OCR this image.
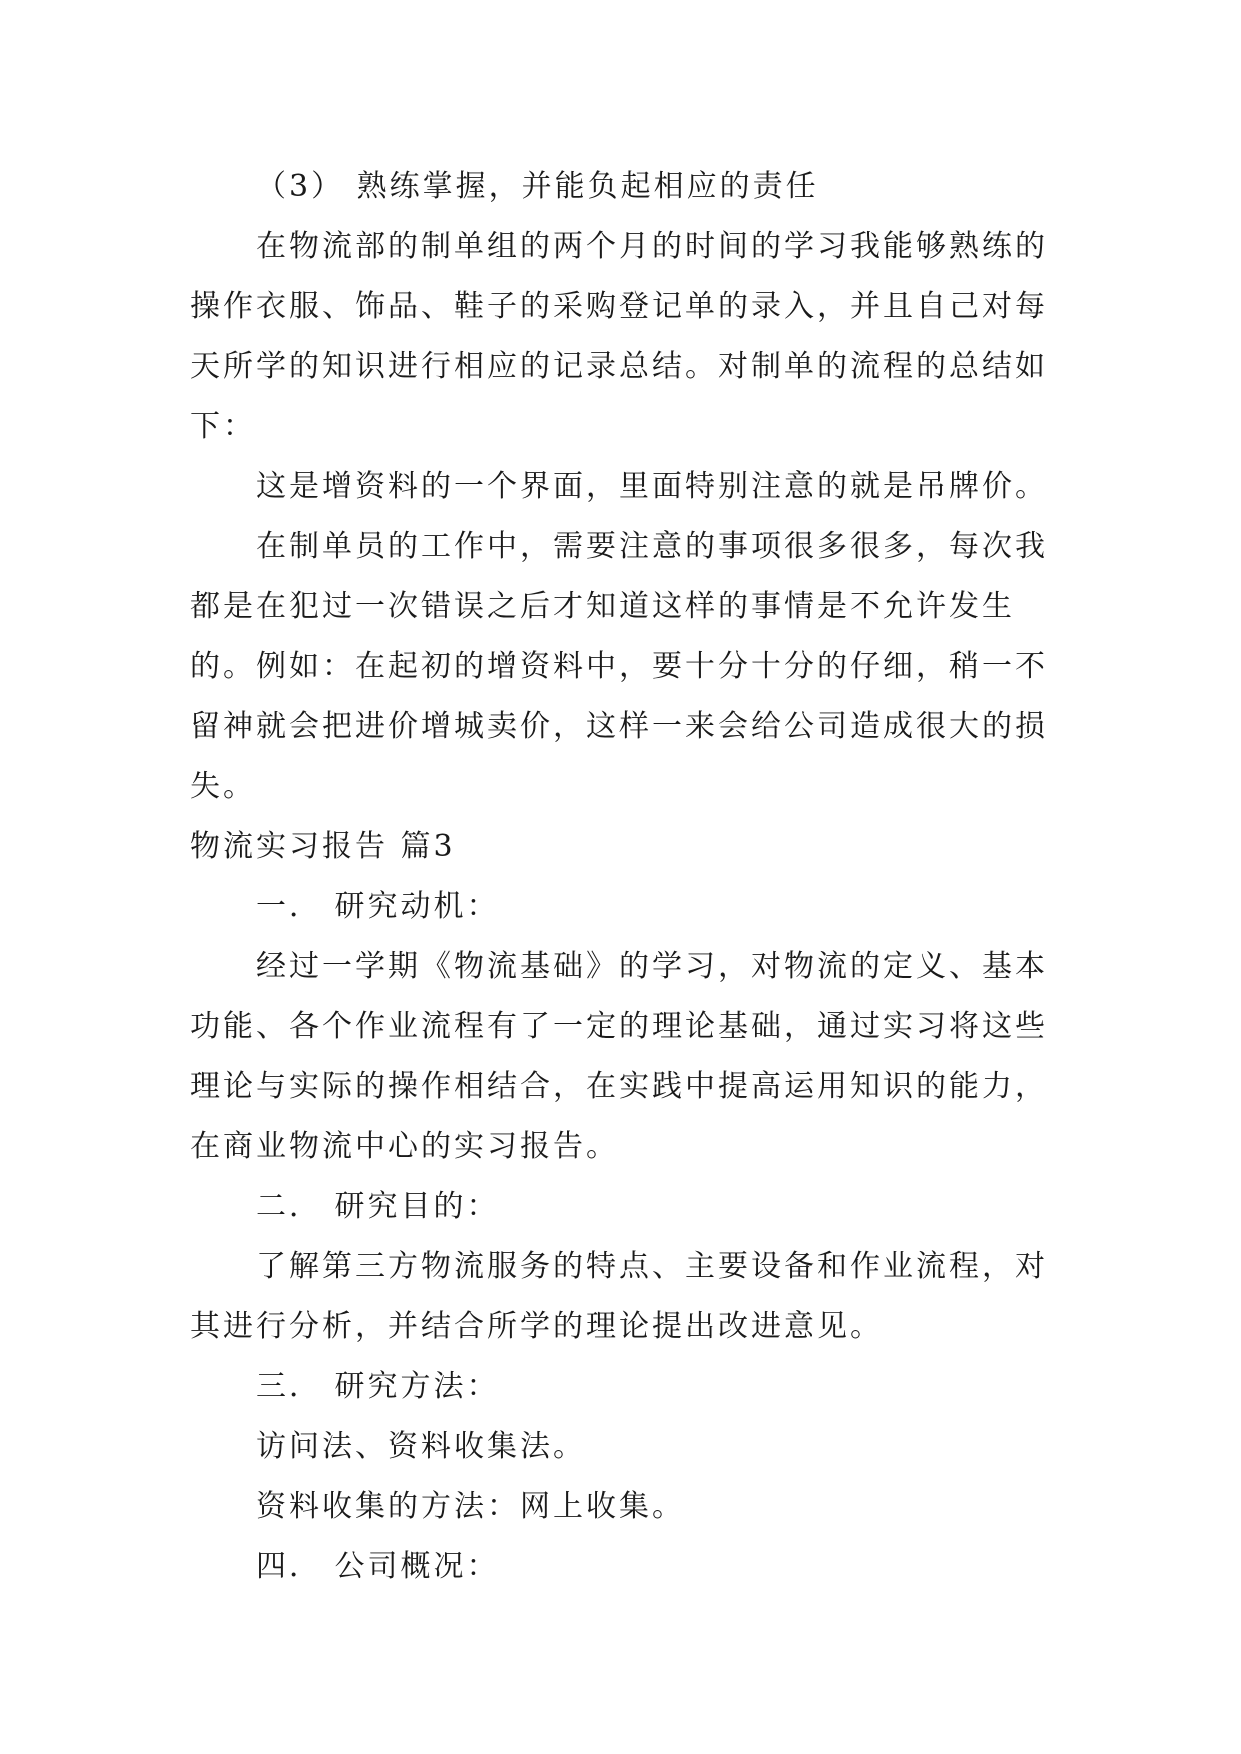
（3） 熟练掌握，并能负起相应的责任

在物流部的制单组的两个月的时间的学习我能够熟练的操作衣服、饰品、鞋子的采购登记单的录入，并且自己对每天所学的知识进行相应的记录总结。对制单的流程的总结如下：

这是增资料的一个界面，里面特别注意的就是吊牌价。

在制单员的工作中，需要注意的事项很多很多，每次我都是在犯过一次错误之后才知道这样的事情是不允许发生的。例如：在起初的增资料中，要十分十分的仔细，稍一不留神就会把进价增城卖价，这样一来会给公司造成很大的损失。

物流实习报告 篇3

一． 研究动机：

经过一学期《物流基础》的学习，对物流的定义、基本功能、各个作业流程有了一定的理论基础，通过实习将这些理论与实际的操作相结合，在实践中提高运用知识的能力，在商业物流中心的实习报告。

二． 研究目的：

了解第三方物流服务的特点、主要设备和作业流程，对其进行分析，并结合所学的理论提出改进意见。

三． 研究方法：

访问法、资料收集法。

资料收集的方法：网上收集。

四． 公司概况：
